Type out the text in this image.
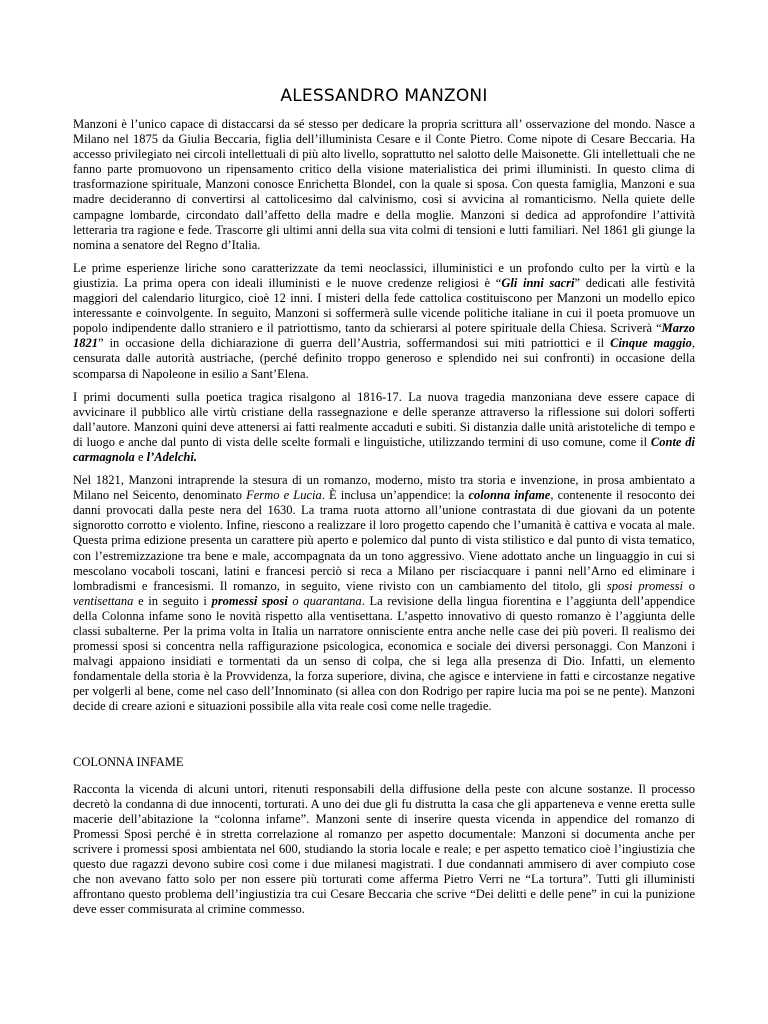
ALESSANDRO MANZONI

Manzoni è l’unico capace di distaccarsi da sé stesso per dedicare la propria scrittura all’ osservazione del mondo. Nasce a Milano nel 1875 da Giulia Beccaria, figlia dell’illuminista Cesare e il Conte Pietro. Come nipote di Cesare Beccaria. Ha accesso privilegiato nei circoli intellettuali di più alto livello, soprattutto nel salotto delle Maisonette. Gli intellettuali che ne fanno parte promuovono un ripensamento critico della visione materialistica dei primi illuministi. In questo clima di trasformazione spirituale, Manzoni conosce Enrichetta Blondel, con la quale si sposa. Con questa famiglia, Manzoni e sua madre decideranno di convertirsi al cattolicesimo dal calvinismo, così si avvicina al romanticismo. Nella quiete delle campagne lombarde, circondato dall’affetto della madre e della moglie. Manzoni si dedica ad approfondire l’attività letteraria tra ragione e fede. Trascorre gli ultimi anni della sua vita colmi di tensioni e lutti familiari. Nel 1861 gli giunge la nomina a senatore del Regno d’Italia.

Le prime esperienze liriche sono caratterizzate da temi neoclassici, illuministici e un profondo culto per la virtù e la giustizia. La prima opera con ideali illuministi e le nuove credenze religiosi è “Gli inni sacri” dedicati alle festività maggiori del calendario liturgico, cioè 12 inni. I misteri della fede cattolica costituiscono per Manzoni un modello epico interessante e coinvolgente. In seguito, Manzoni si soffermerà sulle vicende politiche italiane in cui il poeta promuove un popolo indipendente dallo straniero e il patriottismo, tanto da schierarsi al potere spirituale della Chiesa. Scriverà “Marzo 1821” in occasione della dichiarazione di guerra dell’Austria, soffermandosi sui miti patriottici e il Cinque maggio, censurata dalle autorità austriache, (perché definito troppo generoso e splendido nei sui confronti) in occasione della scomparsa di Napoleone in esilio a Sant’Elena.

I primi documenti sulla poetica tragica risalgono al 1816-17. La nuova tragedia manzoniana deve essere capace di avvicinare il pubblico alle virtù cristiane della rassegnazione e delle speranze attraverso la riflessione sui dolori sofferti dall’autore. Manzoni quini deve attenersi ai fatti realmente accaduti e subiti. Si distanzia dalle unità aristoteliche di tempo e di luogo e anche dal punto di vista delle scelte formali e linguistiche, utilizzando termini di uso comune, come il Conte di carmagnola e l’Adelchi.

Nel 1821, Manzoni intraprende la stesura di un romanzo, moderno, misto tra storia e invenzione, in prosa ambientato a Milano nel Seicento, denominato Fermo e Lucia. È inclusa un’appendice: la colonna infame, contenente il resoconto dei danni provocati dalla peste nera del 1630. La trama ruota attorno all’unione contrastata di due giovani da un potente signorotto corrotto e violento. Infine, riescono a realizzare il loro progetto capendo che l’umanità è cattiva e vocata al male. Questa prima edizione presenta un carattere più aperto e polemico dal punto di vista stilistico e dal punto di vista tematico, con l’estremizzazione tra bene e male, accompagnata da un tono aggressivo. Viene adottato anche un linguaggio in cui si mescolano vocaboli toscani, latini e francesi perciò si reca a Milano per risciacquare i panni nell’Arno ed eliminare i lombradismi e francesismi. Il romanzo, in seguito, viene rivisto con un cambiamento del titolo, gli sposi promessi o ventisettana e in seguito i promessi sposi o quarantana. La revisione della lingua fiorentina e l’aggiunta dell’appendice della Colonna infame sono le novità rispetto alla ventisettana. L’aspetto innovativo di questo romanzo è l’aggiunta delle classi subalterne. Per la prima volta in Italia un narratore onnisciente entra anche nelle case dei più poveri. Il realismo dei promessi sposi si concentra nella raffigurazione psicologica, economica e sociale dei diversi personaggi. Con Manzoni i malvagi appaiono insidiati e tormentati da un senso di colpa, che si lega alla presenza di Dio. Infatti, un elemento fondamentale della storia è la Provvidenza, la forza superiore, divina, che agisce e interviene in fatti e circostanze negative per volgerli al bene, come nel caso dell’Innominato (si allea con don Rodrigo per rapire lucia ma poi se ne pente). Manzoni decide di creare azioni e situazioni possibile alla vita reale così come nelle tragedie.

COLONNA INFAME

Racconta la vicenda di alcuni untori, ritenuti responsabili della diffusione della peste con alcune sostanze. Il processo decretò la condanna di due innocenti, torturati. A uno dei due gli fu distrutta la casa che gli apparteneva e venne eretta sulle macerie dell’abitazione la “colonna infame”. Manzoni sente di inserire questa vicenda in appendice del romanzo di Promessi Sposi perché è in stretta correlazione al romanzo per aspetto documentale: Manzoni si documenta anche per scrivere i promessi sposi ambientata nel 600, studiando la storia locale e reale; e per aspetto tematico cioè l’ingiustizia che questo due ragazzi devono subire così come i due milanesi magistrati. I due condannati ammisero di aver compiuto cose che non avevano fatto solo per non essere più torturati come afferma Pietro Verri ne “La tortura”. Tutti gli illuministi affrontano questo problema dell’ingiustizia tra cui Cesare Beccaria che scrive “Dei delitti e delle pene” in cui la punizione deve esser commisurata al crimine commesso.
